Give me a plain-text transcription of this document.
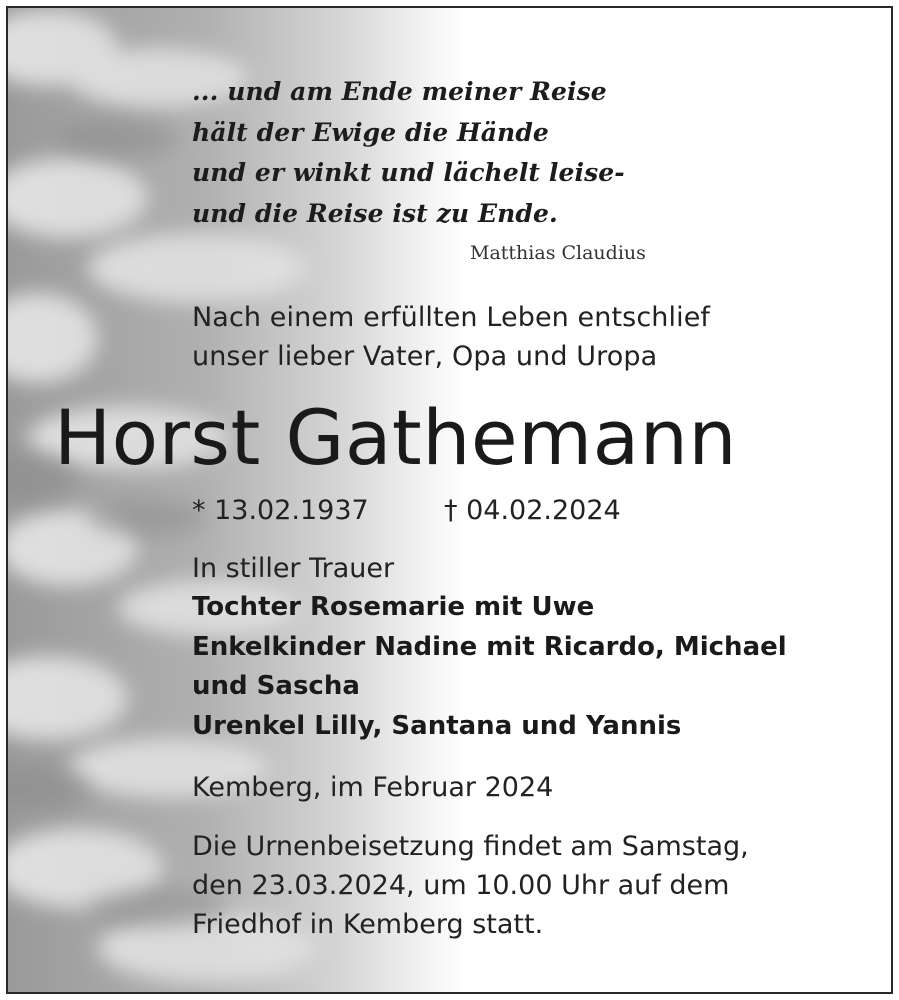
... und am Ende meiner Reise
hält der Ewige die Hände
und er winkt und lächelt leise-
und die Reise ist zu Ende.
Matthias Claudius
Nach einem erfüllten Leben entschlief
unser lieber Vater, Opa und Uropa
Horst Gathemann
* 13.02.1937	† 04.02.2024
In stiller Trauer
Tochter Rosemarie mit Uwe
Enkelkinder Nadine mit Ricardo, Michael
und Sascha
Urenkel Lilly, Santana und Yannis
Kemberg, im Februar 2024
Die Urnenbeisetzung findet am Samstag,
den 23.03.2024, um 10.00 Uhr auf dem
Friedhof in Kemberg statt.
